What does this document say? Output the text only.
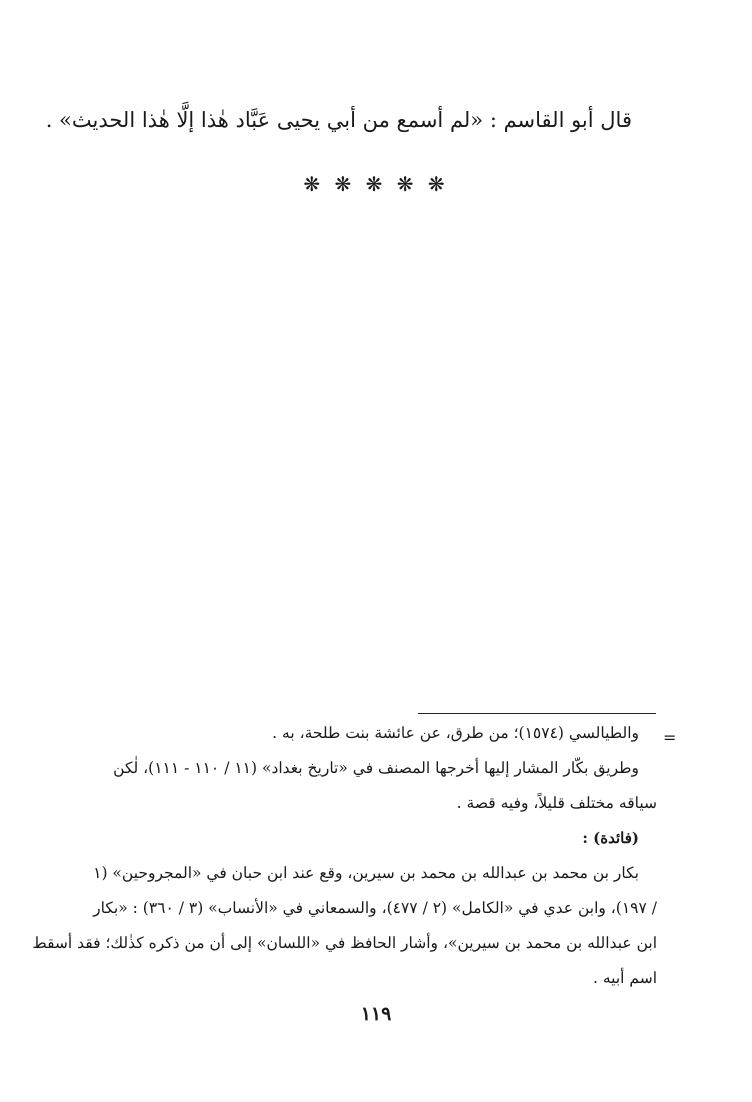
قال أبو القاسم : «لم أسمع من أبي يحيى عَبَّاد هٰذا إلَّا هٰذا الحديث» .
❋ ❋ ❋ ❋ ❋
=
والطيالسي (١٥٧٤)؛ من طرق، عن عائشة بنت طلحة، به .
وطريق بكّار المشار إليها أخرجها المصنف في «تاريخ بغداد» (١١ / ١١٠ - ١١١)، لٰكن
سياقه مختلف قليلاً، وفيه قصة .
(فائدة) :
بكار بن محمد بن عبدالله بن محمد بن سيرين، وقع عند ابن حبان في «المجروحين» (١
/ ١٩٧)، وابن عدي في «الكامل» (٢ / ٤٧٧)، والسمعاني في «الأنساب» (٣ / ٣٦٠) : «بكار
ابن عبدالله بن محمد بن سيرين»، وأشار الحافظ في «اللسان» إلى أن من ذكره كذٰلك؛ فقد أسقط
اسم أبيه .
١١٩
